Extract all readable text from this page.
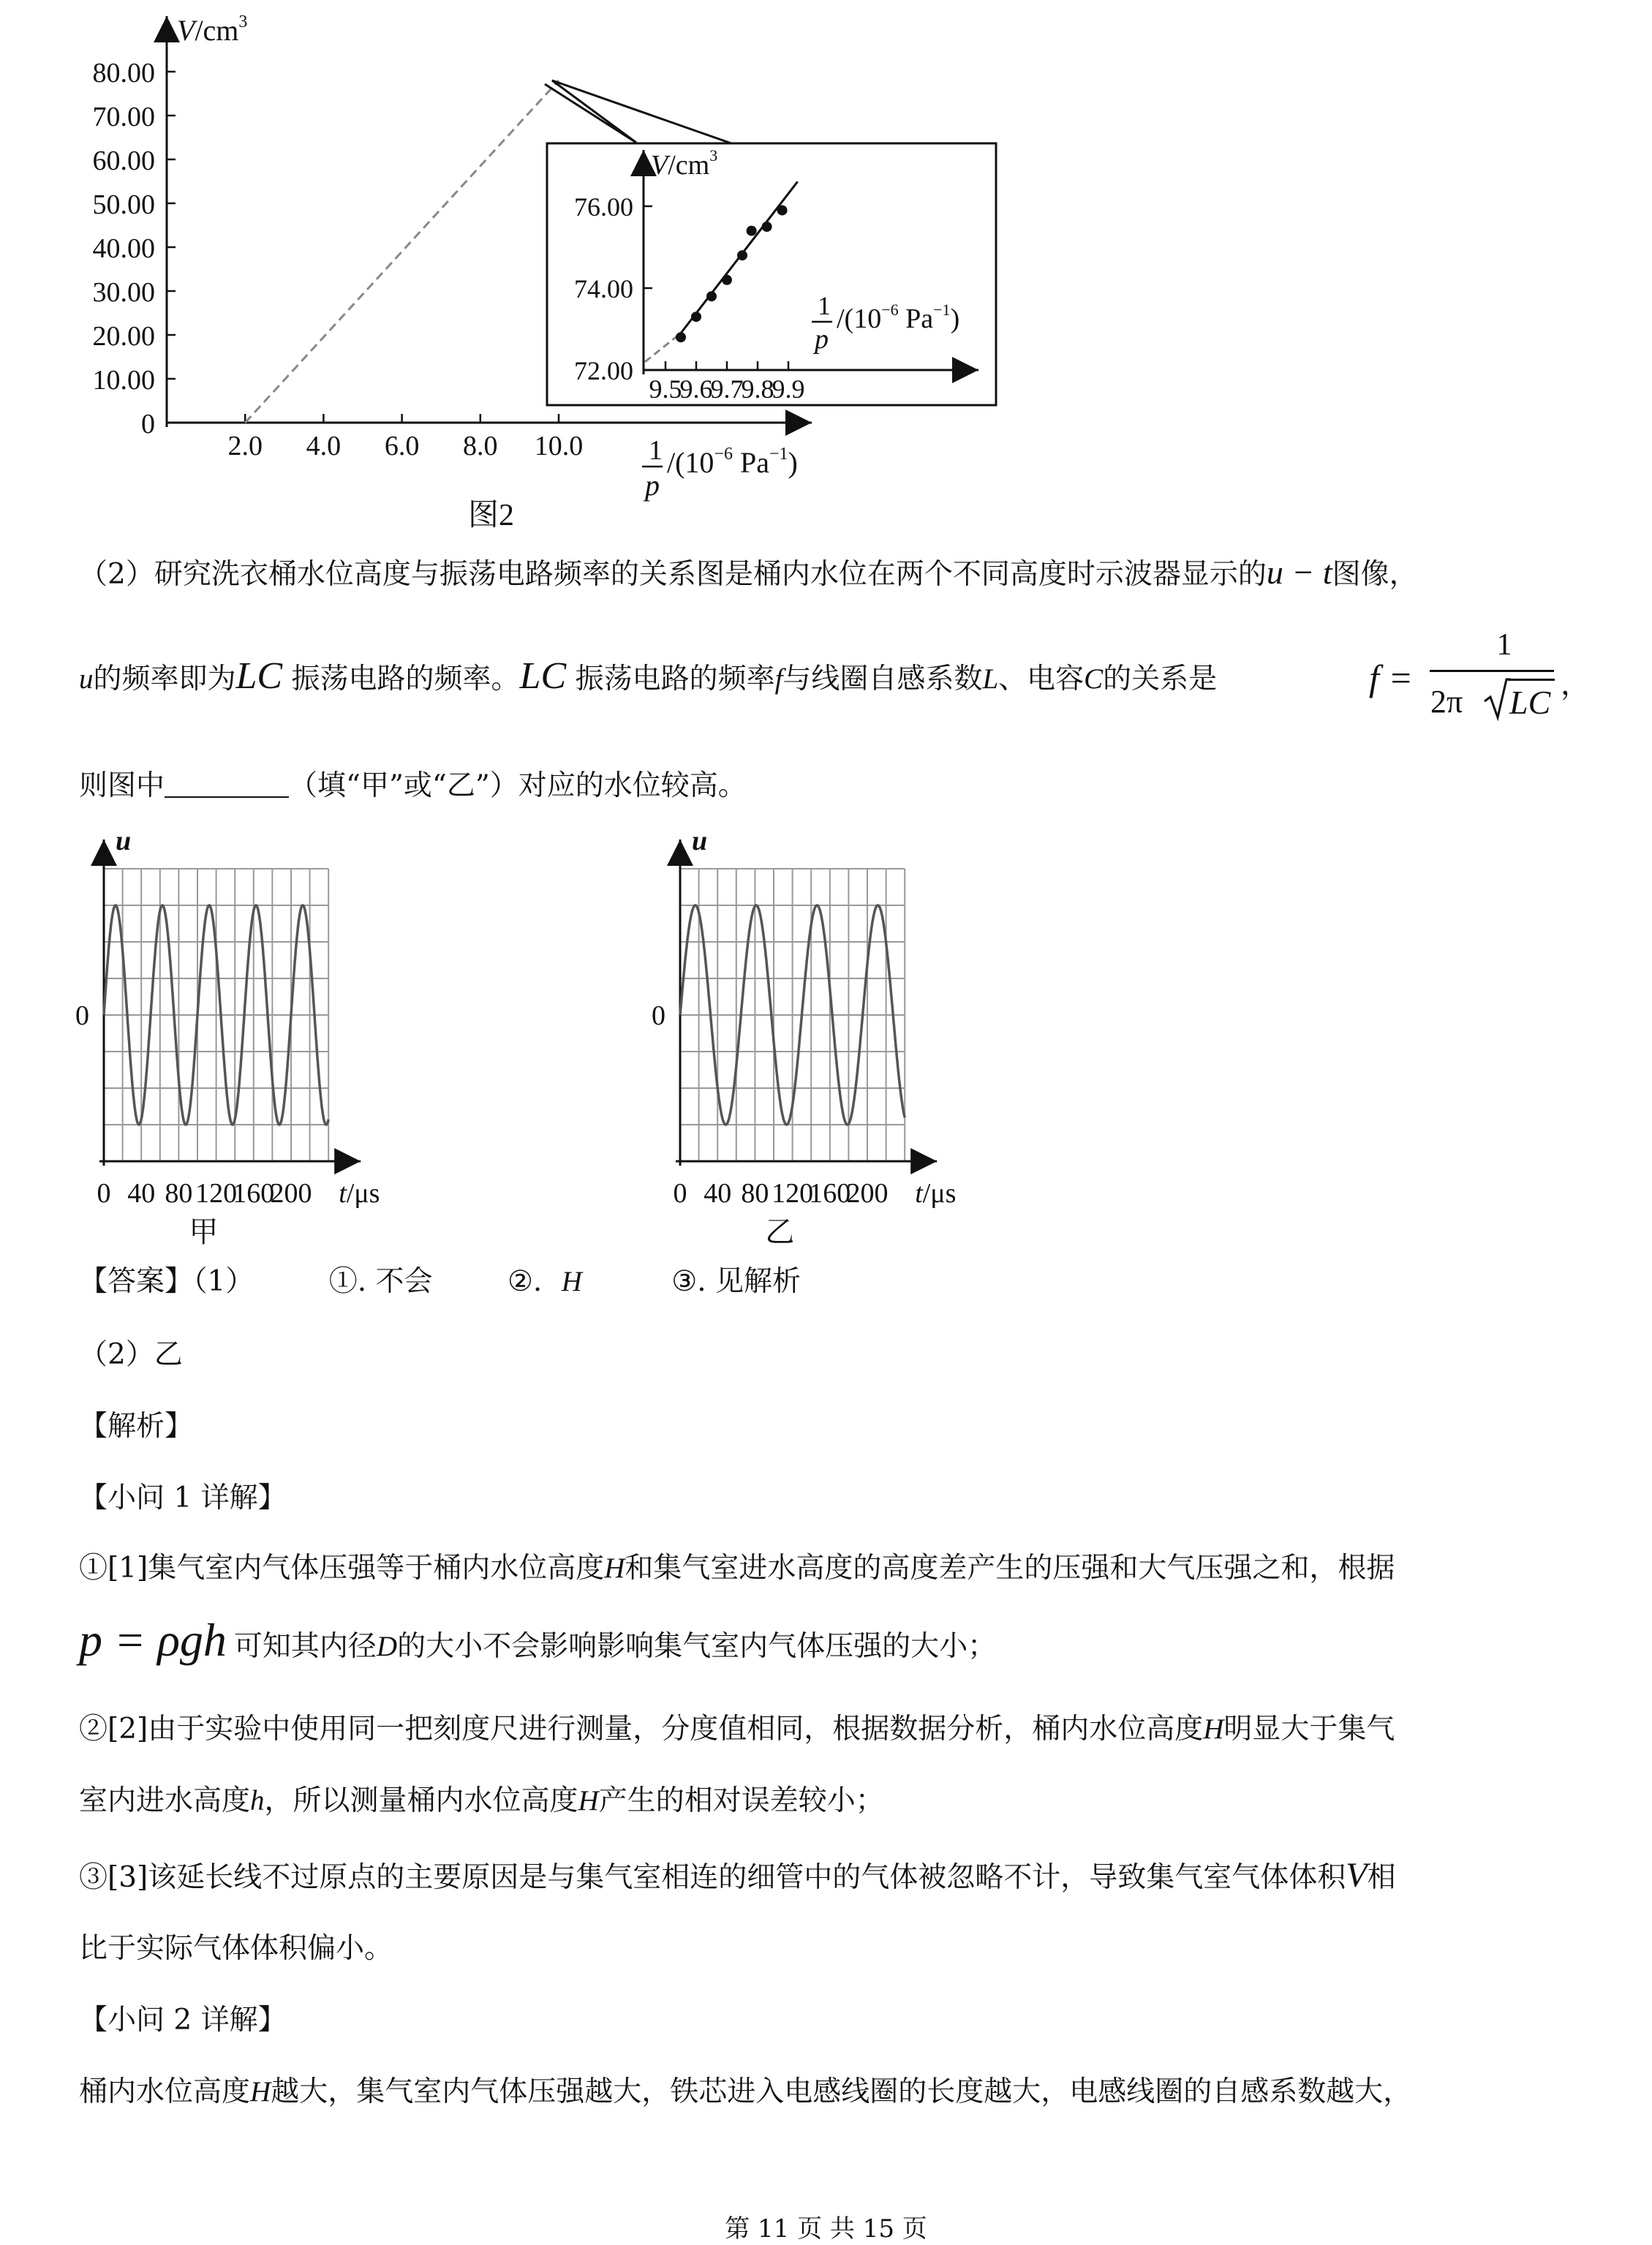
$V/cm^3$
80.00
70.00
60.00
50.00
40.00
30.00
20.00
10.00
0
2.0 4.0 6.0 8.0 10.0 1
p
$/(10^{-6}$ $Pa^{-1}$)
$V/cm^3$
76.00
74.00
72.00
9.5
9.6
9.7
9.8
9.9
1
p
$/(10^{-6}$ $Pa^{-1}$)
图2
（2）研究洗衣桶水位高度与振荡电路频率的关系图是桶内水位在两个不同高度时示波器显示的u − t图像，
u的频率即为LC 振荡电路的频率。LC 振荡电路的频率f与线圈自感系数L、电容C的关系是	f =
1
2π LC ，
则图中	（填“甲”或“乙”）对应的水位较高。
u
0
0 40 80 120
160
200 t/μs
甲
u
0
0 40 80 120
160
200 t/μs
乙
【答案】（1）	①. 不会	②. H	③. 见解析
（2）乙
【解析】
【小问 1 详解】
①[1]集气室内气体压强等于桶内水位高度H和集气室进水高度的高度差产生的压强和大气压强之和，根据
p = ρgh 可知其内径D的大小不会影响影响集气室内气体压强的大小；
②[2]由于实验中使用同一把刻度尺进行测量，分度值相同，根据数据分析，桶内水位高度H明显大于集气
室内进水高度h，所以测量桶内水位高度H产生的相对误差较小；
③[3]该延长线不过原点的主要原因是与集气室相连的细管中的气体被忽略不计，导致集气室气体体积V相
比于实际气体体积偏小。
【小问 2 详解】
桶内水位高度H越大，集气室内气体压强越大，铁芯进入电感线圈的长度越大，电感线圈的自感系数越大，
第 11 页 共 15 页
